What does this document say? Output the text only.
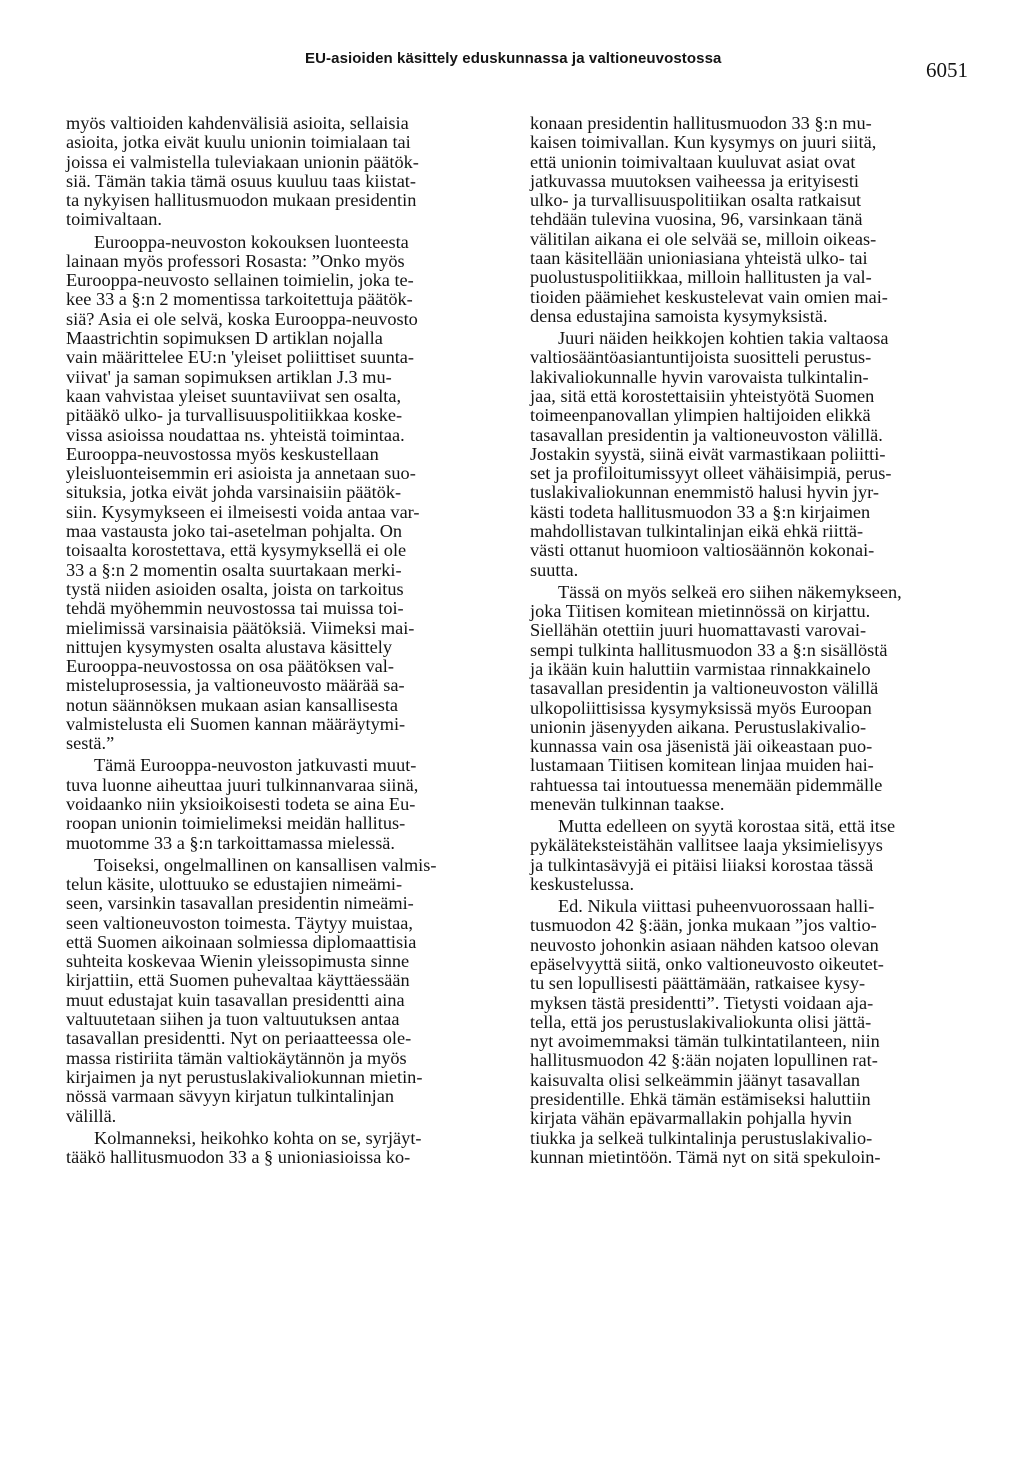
EU-asioiden käsittely eduskunnassa ja valtioneuvostossa	6051

myös valtioiden kahdenvälisiä asioita, sellaisia
asioita, jotka eivät kuulu unionin toimialaan tai
joissa ei valmistella tuleviakaan unionin päätök-
siä. Tämän takia tämä osuus kuuluu taas kiistat-
ta nykyisen hallitusmuodon mukaan presidentin
toimivaltaan.

Eurooppa-neuvoston kokouksen luonteesta
lainaan myös professori Rosasta: ”Onko myös
Eurooppa-neuvosto sellainen toimielin, joka te-
kee 33 a §:n 2 momentissa tarkoitettuja päätök-
siä? Asia ei ole selvä, koska Eurooppa-neuvosto
Maastrichtin sopimuksen D artiklan nojalla
vain määrittelee EU:n 'yleiset poliittiset suunta-
viivat' ja saman sopimuksen artiklan J.3 mu-
kaan vahvistaa yleiset suuntaviivat sen osalta,
pitääkö ulko- ja turvallisuuspolitiikkaa koske-
vissa asioissa noudattaa ns. yhteistä toimintaa.
Eurooppa-neuvostossa myös keskustellaan
yleisluonteisemmin eri asioista ja annetaan suo-
situksia, jotka eivät johda varsinaisiin päätök-
siin. Kysymykseen ei ilmeisesti voida antaa var-
maa vastausta joko tai-asetelman pohjalta. On
toisaalta korostettava, että kysymyksellä ei ole
33 a §:n 2 momentin osalta suurtakaan merki-
tystä niiden asioiden osalta, joista on tarkoitus
tehdä myöhemmin neuvostossa tai muissa toi-
mielimissä varsinaisia päätöksiä. Viimeksi mai-
nittujen kysymysten osalta alustava käsittely
Eurooppa-neuvostossa on osa päätöksen val-
misteluprosessia, ja valtioneuvosto määrää sa-
notun säännöksen mukaan asian kansallisesta
valmistelusta eli Suomen kannan määräytymi-
sestä.”

Tämä Eurooppa-neuvoston jatkuvasti muut-
tuva luonne aiheuttaa juuri tulkinnanvaraa siinä,
voidaanko niin yksioikoisesti todeta se aina Eu-
roopan unionin toimielimeksi meidän hallitus-
muotomme 33 a §:n tarkoittamassa mielessä.

Toiseksi, ongelmallinen on kansallisen valmis-
telun käsite, ulottuuko se edustajien nimeämi-
seen, varsinkin tasavallan presidentin nimeämi-
seen valtioneuvoston toimesta. Täytyy muistaa,
että Suomen aikoinaan solmiessa diplomaattisia
suhteita koskevaa Wienin yleissopimusta sinne
kirjattiin, että Suomen puhevaltaa käyttäessään
muut edustajat kuin tasavallan presidentti aina
valtuutetaan siihen ja tuon valtuutuksen antaa
tasavallan presidentti. Nyt on periaatteessa ole-
massa ristiriita tämän valtiokäytännön ja myös
kirjaimen ja nyt perustuslakivaliokunnan mietin-
nössä varmaan sävyyn kirjatun tulkintalinjan
välillä.

Kolmanneksi, heikohko kohta on se, syrjäyt-
tääkö hallitusmuodon 33 a § unioniasioissa ko-

konaan presidentin hallitusmuodon 33 §:n mu-
kaisen toimivallan. Kun kysymys on juuri siitä,
että unionin toimivaltaan kuuluvat asiat ovat
jatkuvassa muutoksen vaiheessa ja erityisesti
ulko- ja turvallisuuspolitiikan osalta ratkaisut
tehdään tulevina vuosina, 96, varsinkaan tänä
välitilan aikana ei ole selvää se, milloin oikeas-
taan käsitellään unioniasiana yhteistä ulko- tai
puolustuspolitiikkaa, milloin hallitusten ja val-
tioiden päämiehet keskustelevat vain omien mai-
densa edustajina samoista kysymyksistä.

Juuri näiden heikkojen kohtien takia valtaosa
valtiosääntöasiantuntijoista suositteli perustus-
lakivaliokunnalle hyvin varovaista tulkintalin-
jaa, sitä että korostettaisiin yhteistyötä Suomen
toimeenpanovallan ylimpien haltijoiden elikkä
tasavallan presidentin ja valtioneuvoston välillä.
Jostakin syystä, siinä eivät varmastikaan poliitti-
set ja profiloitumissyyt olleet vähäisimpiä, perus-
tuslakivaliokunnan enemmistö halusi hyvin jyr-
kästi todeta hallitusmuodon 33 a §:n kirjaimen
mahdollistavan tulkintalinjan eikä ehkä riittä-
västi ottanut huomioon valtiosäännön kokonai-
suutta.

Tässä on myös selkeä ero siihen näkemykseen,
joka Tiitisen komitean mietinnössä on kirjattu.
Siellähän otettiin juuri huomattavasti varovai-
sempi tulkinta hallitusmuodon 33 a §:n sisällöstä
ja ikään kuin haluttiin varmistaa rinnakkainelo
tasavallan presidentin ja valtioneuvoston välillä
ulkopoliittisissa kysymyksissä myös Euroopan
unionin jäsenyyden aikana. Perustuslakivalio-
kunnassa vain osa jäsenistä jäi oikeastaan puo-
lustamaan Tiitisen komitean linjaa muiden hai-
rahtuessa tai intoutuessa menemään pidemmälle
menevän tulkinnan taakse.

Mutta edelleen on syytä korostaa sitä, että itse
pykäläteksteistähän vallitsee laaja yksimielisyys
ja tulkintasävyjä ei pitäisi liiaksi korostaa tässä
keskustelussa.

Ed. Nikula viittasi puheenvuorossaan halli-
tusmuodon 42 §:ään, jonka mukaan ”jos valtio-
neuvosto johonkin asiaan nähden katsoo olevan
epäselvyyttä siitä, onko valtioneuvosto oikeutet-
tu sen lopullisesti päättämään, ratkaisee kysy-
myksen tästä presidentti”. Tietysti voidaan aja-
tella, että jos perustuslakivaliokunta olisi jättä-
nyt avoimemmaksi tämän tulkintatilanteen, niin
hallitusmuodon 42 §:ään nojaten lopullinen rat-
kaisuvalta olisi selkeämmin jäänyt tasavallan
presidentille. Ehkä tämän estämiseksi haluttiin
kirjata vähän epävarmallakin pohjalla hyvin
tiukka ja selkeä tulkintalinja perustuslakivalio-
kunnan mietintöön. Tämä nyt on sitä spekuloin-
